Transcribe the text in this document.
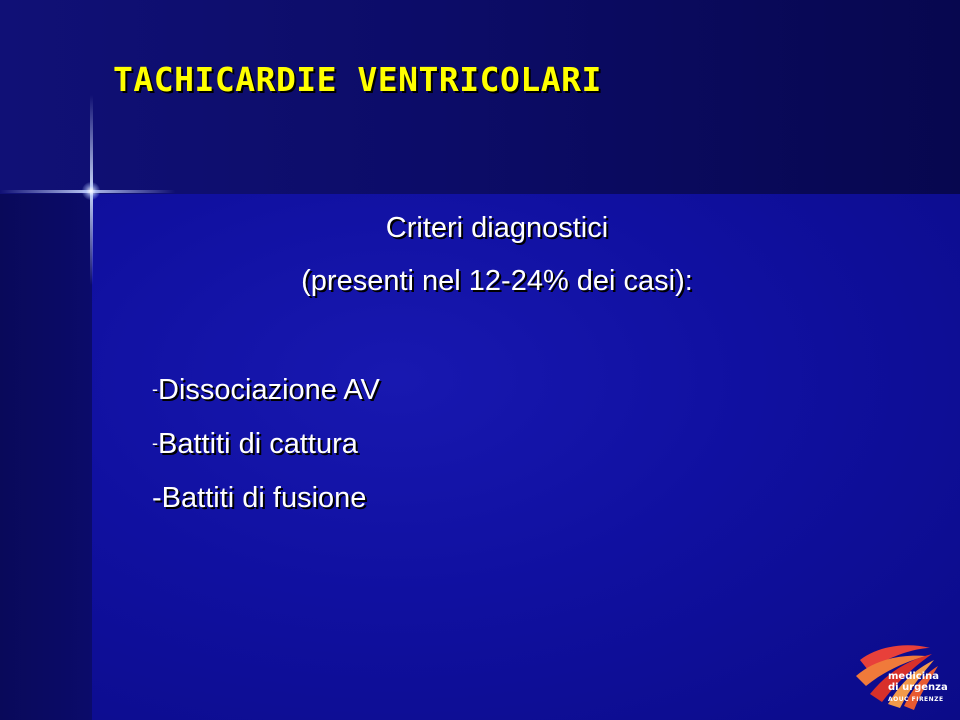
TACHICARDIE VENTRICOLARI
Criteri diagnostici
(presenti nel 12-24% dei casi):
-Dissociazione AV
-Battiti di cattura
-Battiti di fusione
medicina
di urgenza
AOUC FIRENZE
